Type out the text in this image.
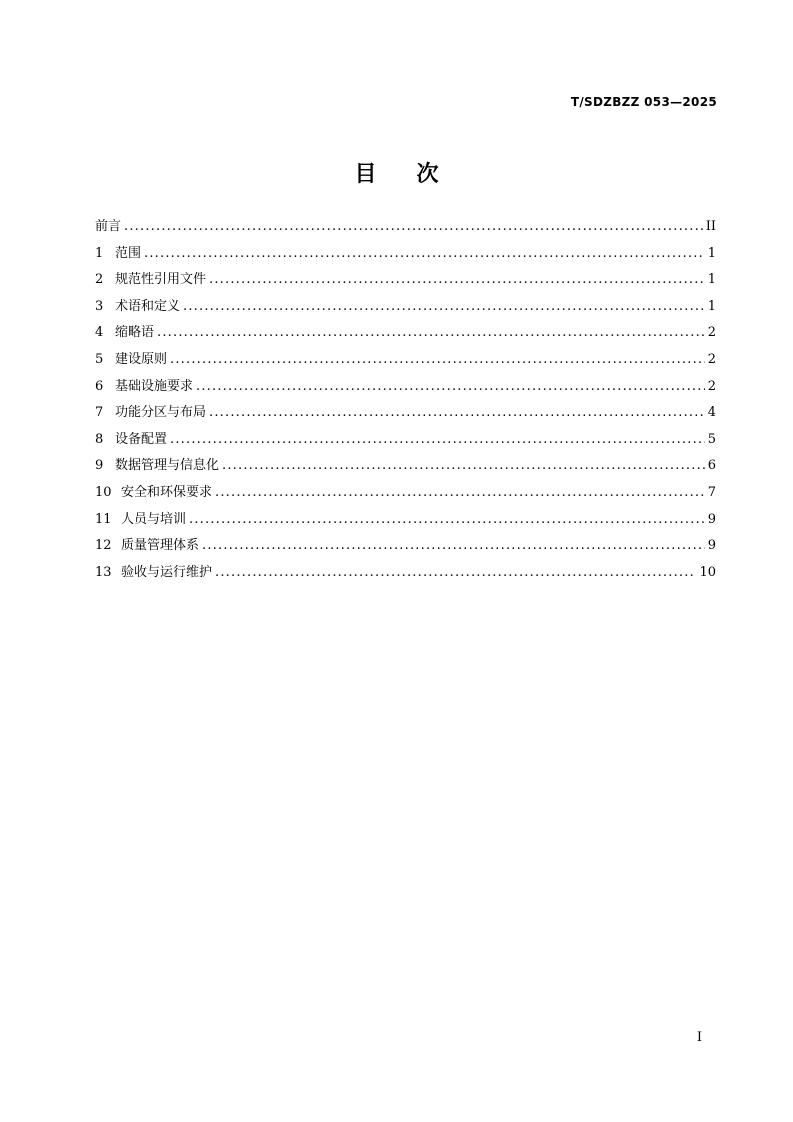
T/SDZBZZ 053—2025
目 次
前言 .....	II
1 范围 .....	1
2 规范性引用文件 .....	1
3 术语和定义 .....	1
4 缩略语 .....	2
5 建设原则 .....	2
6 基础设施要求 .....	2
7 功能分区与布局 .....	4
8 设备配置 .....	5
9 数据管理与信息化 .....	6
10 安全和环保要求 .....	7
11 人员与培训 .....	9
12 质量管理体系 .....	9
13 验收与运行维护 .....	10
I
